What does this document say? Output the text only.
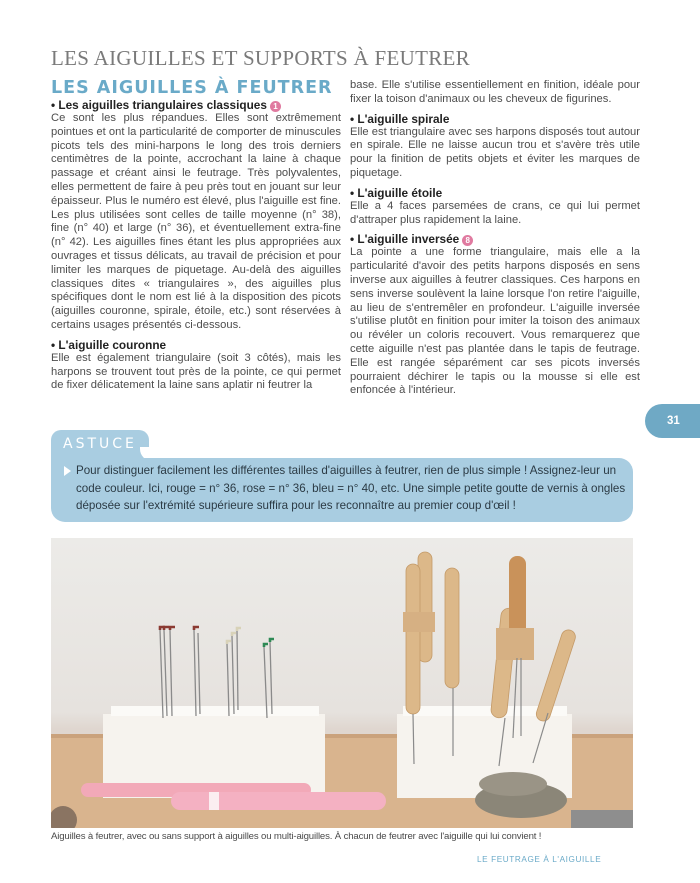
LES AIGUILLES ET SUPPORTS À FEUTRER
LES AIGUILLES À FEUTRER
• Les aiguilles triangulaires classiques 1

Ce sont les plus répandues. Elles sont extrêmement pointues et ont la particularité de comporter de minuscules picots tels des mini-harpons le long des trois derniers centimètres de la pointe, accrochant la laine à chaque passage et créant ainsi le feutrage. Très polyvalentes, elles permettent de faire à peu près tout en jouant sur leur épaisseur. Plus le numéro est élevé, plus l'aiguille est fine. Les plus utilisées sont celles de taille moyenne (n° 38), fine (n° 40) et large (n° 36), et éventuellement extra-fine (n° 42). Les aiguilles fines étant les plus appropriées aux ouvrages et tissus délicats, au travail de précision et pour limiter les marques de piquetage. Au-delà des aiguilles classiques dites « triangulaires », des aiguilles plus spécifiques dont le nom est lié à la disposition des picots (aiguilles couronne, spirale, étoile, etc.) sont réservées à certains usages présentés ci-dessous.

• L'aiguille couronne

Elle est également triangulaire (soit 3 côtés), mais les harpons se trouvent tout près de la pointe, ce qui permet de fixer délicatement la laine sans aplatir ni feutrer la

base. Elle s'utilise essentiellement en finition, idéale pour fixer la toison d'animaux ou les cheveux de figurines.

• L'aiguille spirale

Elle est triangulaire avec ses harpons disposés tout autour en spirale. Elle ne laisse aucun trou et s'avère très utile pour la finition de petits objets et éviter les marques de piquetage.

• L'aiguille étoile

Elle a 4 faces parsemées de crans, ce qui lui permet d'attraper plus rapidement la laine.

• L'aiguille inversée 8

La pointe a une forme triangulaire, mais elle a la particularité d'avoir des petits harpons disposés en sens inverse aux aiguilles à feutrer classiques. Ces harpons en sens inverse soulèvent la laine lorsque l'on retire l'aiguille, au lieu de s'entremêler en profondeur. L'aiguille inversée s'utilise plutôt en finition pour imiter la toison des animaux ou révéler un coloris recouvert. Vous remarquerez que cette aiguille n'est pas plantée dans le tapis de feutrage. Elle est rangée séparément car ses picots inversés pourraient déchirer le tapis ou la mousse si elle est enfoncée à l'intérieur.

31
ASTUCE
Pour distinguer facilement les différentes tailles d'aiguilles à feutrer, rien de plus simple ! Assignez-leur un code couleur. Ici, rouge = n° 36, rose = n° 36, bleu = n° 40, etc. Une simple petite goutte de vernis à ongles déposée sur l'extrémité supérieure suffira pour les reconnaître au premier coup d'œil !
Aiguilles à feutrer, avec ou sans support à aiguilles ou multi-aiguilles. À chacun de feutrer avec l'aiguille qui lui convient !
LE FEUTRAGE À L'AIGUILLE
